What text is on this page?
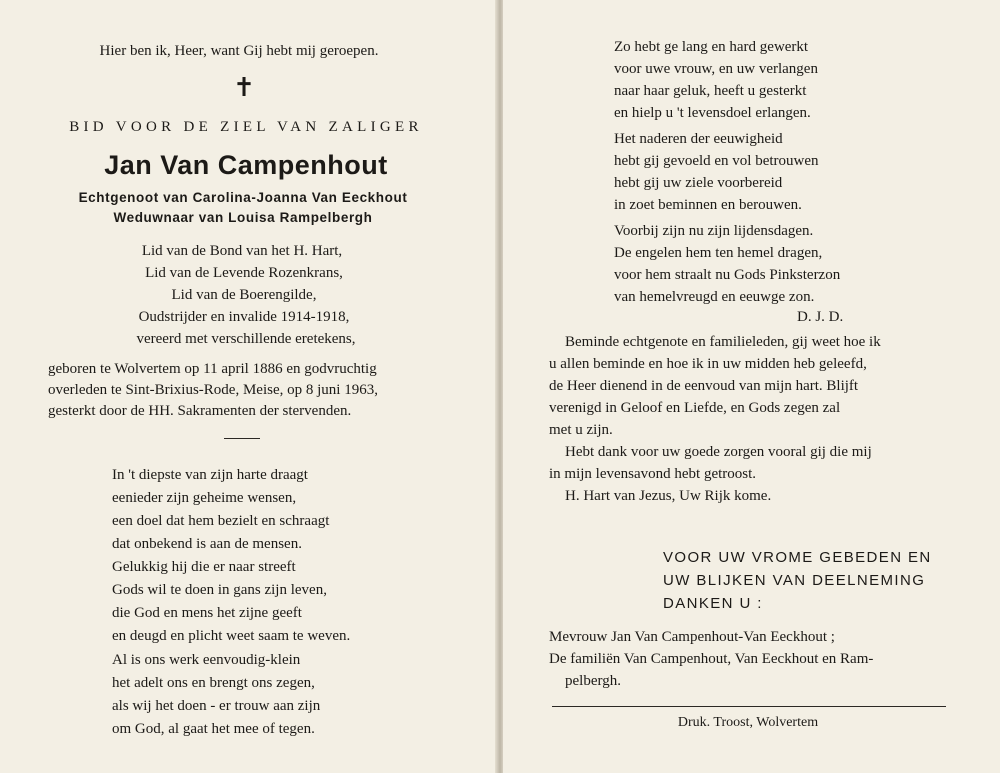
Hier ben ik, Heer, want Gij hebt mij geroepen.
✝
BID VOOR DE ZIEL VAN ZALIGER
Jan Van Campenhout
Echtgenoot van Carolina-Joanna Van Eeckhout
Weduwnaar van Louisa Rampelbergh
Lid van de Bond van het H. Hart,
Lid van de Levende Rozenkrans,
Lid van de Boerengilde,
Oudstrijder en invalide 1914-1918,
vereerd met verschillende eretekens,
geboren te Wolvertem op 11 april 1886 en godvruchtig
overleden te Sint-Brixius-Rode, Meise, op 8 juni 1963,
gesterkt door de HH. Sakramenten der stervenden.
In 't diepste van zijn harte draagt
eenieder zijn geheime wensen,
een doel dat hem bezielt en schraagt
dat onbekend is aan de mensen.
Gelukkig hij die er naar streeft
Gods wil te doen in gans zijn leven,
die God en mens het zijne geeft
en deugd en plicht weet saam te weven.
Al is ons werk eenvoudig-klein
het adelt ons en brengt ons zegen,
als wij het doen - er trouw aan zijn
om God, al gaat het mee of tegen.
Zo hebt ge lang en hard gewerkt
voor uwe vrouw, en uw verlangen
naar haar geluk, heeft u gesterkt
en hielp u 't levensdoel erlangen.
Het naderen der eeuwigheid
hebt gij gevoeld en vol betrouwen
hebt gij uw ziele voorbereid
in zoet beminnen en berouwen.
Voorbij zijn nu zijn lijdensdagen.
De engelen hem ten hemel dragen,
voor hem straalt nu Gods Pinksterzon
van hemelvreugd en eeuwge zon.
D. J. D.
Beminde echtgenote en familieleden, gij weet hoe ik
u allen beminde en hoe ik in uw midden heb geleefd,
de Heer dienend in de eenvoud van mijn hart. Blijft
verenigd in Geloof en Liefde, en Gods zegen zal
met u zijn.
Hebt dank voor uw goede zorgen vooral gij die mij
in mijn levensavond hebt getroost.
H. Hart van Jezus, Uw Rijk kome.
VOOR UW VROME GEBEDEN EN
UW BLIJKEN VAN DEELNEMING
DANKEN U :
Mevrouw Jan Van Campenhout-Van Eeckhout ;
De familiën Van Campenhout, Van Eeckhout en Ram-
pelbergh.
Druk. Troost, Wolvertem
